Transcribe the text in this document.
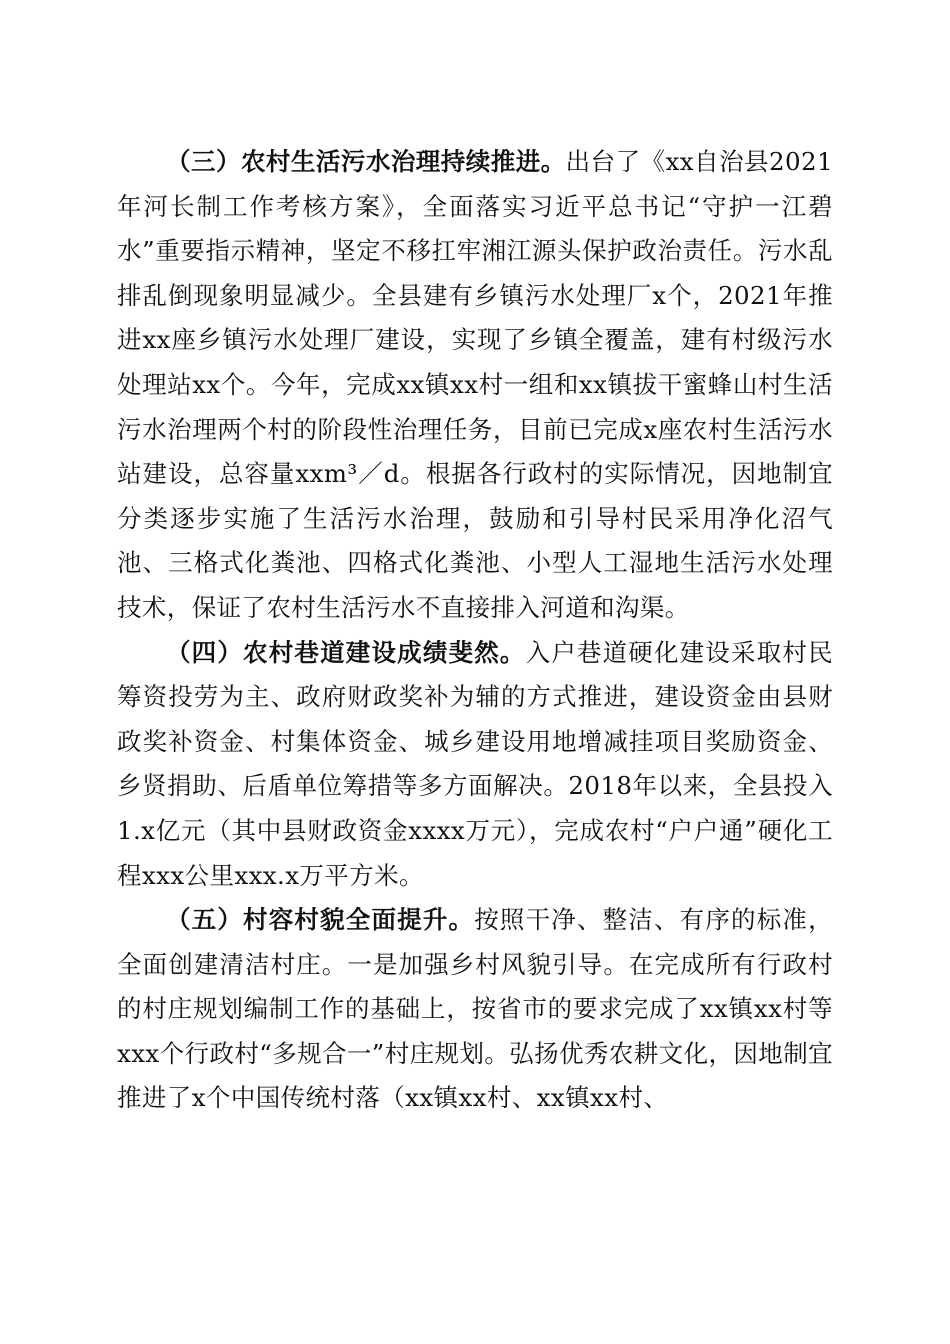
（三）农村生活污水治理持续推进。出台了《xx自治县2021年河长制工作考核方案》，全面落实习近平总书记“守护一江碧水”重要指示精神，坚定不移扛牢湘江源头保护政治责任。污水乱排乱倒现象明显减少。全县建有乡镇污水处理厂x个，2021年推进xx座乡镇污水处理厂建设，实现了乡镇全覆盖，建有村级污水处理站xx个。今年，完成xx镇xx村一组和xx镇拔干蜜蜂山村生活污水治理两个村的阶段性治理任务，目前已完成x座农村生活污水站建设，总容量xxm³／d。根据各行政村的实际情况，因地制宜分类逐步实施了生活污水治理，鼓励和引导村民采用净化沼气池、三格式化粪池、四格式化粪池、小型人工湿地生活污水处理技术，保证了农村生活污水不直接排入河道和沟渠。

（四）农村巷道建设成绩斐然。入户巷道硬化建设采取村民筹资投劳为主、政府财政奖补为辅的方式推进，建设资金由县财政奖补资金、村集体资金、城乡建设用地增减挂项目奖励资金、乡贤捐助、后盾单位筹措等多方面解决。2018年以来，全县投入1.x亿元（其中县财政资金xxxx万元），完成农村“户户通”硬化工程xxx公里xxx.x万平方米。

（五）村容村貌全面提升。按照干净、整洁、有序的标准，全面创建清洁村庄。一是加强乡村风貌引导。在完成所有行政村的村庄规划编制工作的基础上，按省市的要求完成了xx镇xx村等xxx个行政村“多规合一”村庄规划。弘扬优秀农耕文化，因地制宜推进了x个中国传统村落（xx镇xx村、xx镇xx村、
